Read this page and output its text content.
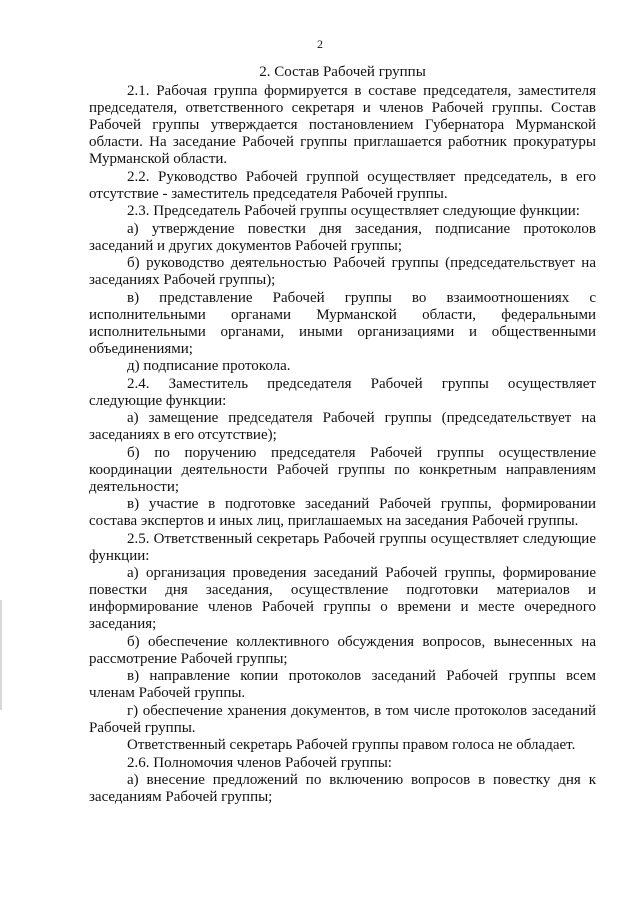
2
2. Состав Рабочей группы

2.1. Рабочая группа формируется в составе председателя, заместителя председателя, ответственного секретаря и членов Рабочей группы. Состав Рабочей группы утверждается постановлением Губернатора Мурманской области. На заседание Рабочей группы приглашается работник прокуратуры Мурманской области.

2.2. Руководство Рабочей группой осуществляет председатель, в его отсутствие - заместитель председателя Рабочей группы.

2.3. Председатель Рабочей группы осуществляет следующие функции:

а) утверждение повестки дня заседания, подписание протоколов заседаний и других документов Рабочей группы;

б) руководство деятельностью Рабочей группы (председательствует на заседаниях Рабочей группы);

в) представление Рабочей группы во взаимоотношениях с исполнительными органами Мурманской области, федеральными исполнительными органами, иными организациями и общественными объединениями;

д) подписание протокола.

2.4. Заместитель председателя Рабочей группы осуществляет следующие функции:

а) замещение председателя Рабочей группы (председательствует на заседаниях в его отсутствие);

б) по поручению председателя Рабочей группы осуществление координации деятельности Рабочей группы по конкретным направлениям деятельности;

в) участие в подготовке заседаний Рабочей группы, формировании состава экспертов и иных лиц, приглашаемых на заседания Рабочей группы.

2.5. Ответственный секретарь Рабочей группы осуществляет следующие функции:

а) организация проведения заседаний Рабочей группы, формирование повестки дня заседания, осуществление подготовки материалов и информирование членов Рабочей группы о времени и месте очередного заседания;

б) обеспечение коллективного обсуждения вопросов, вынесенных на рассмотрение Рабочей группы;

в) направление копии протоколов заседаний Рабочей группы всем членам Рабочей группы.

г) обеспечение хранения документов, в том числе протоколов заседаний Рабочей группы.

Ответственный секретарь Рабочей группы правом голоса не обладает.

2.6. Полномочия членов Рабочей группы:

а) внесение предложений по включению вопросов в повестку дня к заседаниям Рабочей группы;
